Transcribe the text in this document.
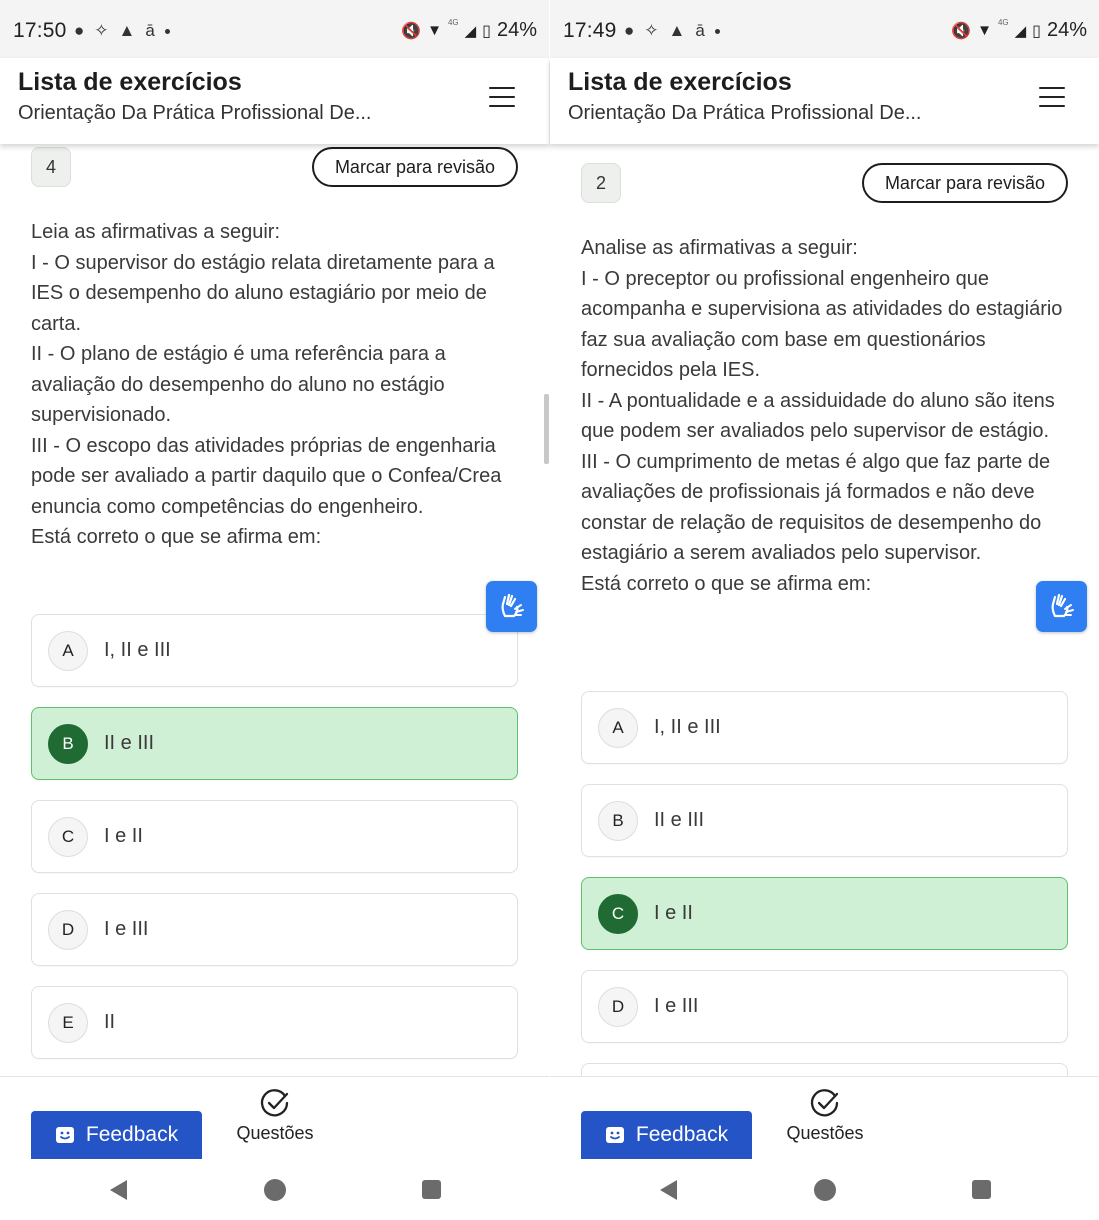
17:50 ● ✧ ▲ ā	🔇 ▼ 4G ◢ ▯ 24%
Lista de exercícios
Orientação Da Prática Profissional De...
4	Marcar para revisão

Leia as afirmativas a seguir:

I - O supervisor do estágio relata diretamente para a IES o desempenho do aluno estagiário por meio de carta.

II - O plano de estágio é uma referência para a avaliação do desempenho do aluno no estágio supervisionado.

III - O escopo das atividades próprias de engenharia pode ser avaliado a partir daquilo que o Confea/Crea enuncia como competências do engenheiro.

Está correto o que se afirma em:

A	I, II e III
B	II e III
C	I e II
D	I e III
E	II
Feedback	Questões
17:49 ● ✧ ▲ ā	🔇 ▼ 4G ◢ ▯ 24%
Lista de exercícios
Orientação Da Prática Profissional De...
2	Marcar para revisão

Analise as afirmativas a seguir:

I - O preceptor ou profissional engenheiro que acompanha e supervisiona as atividades do estagiário faz sua avaliação com base em questionários fornecidos pela IES.

II - A pontualidade e a assiduidade do aluno são itens que podem ser avaliados pelo supervisor de estágio.

III - O cumprimento de metas é algo que faz parte de avaliações de profissionais já formados e não deve constar de relação de requisitos de desempenho do estagiário a serem avaliados pelo supervisor.

Está correto o que se afirma em:

A	I, II e III
B	II e III
C	I e II
D	I e III
Feedback	Questões
